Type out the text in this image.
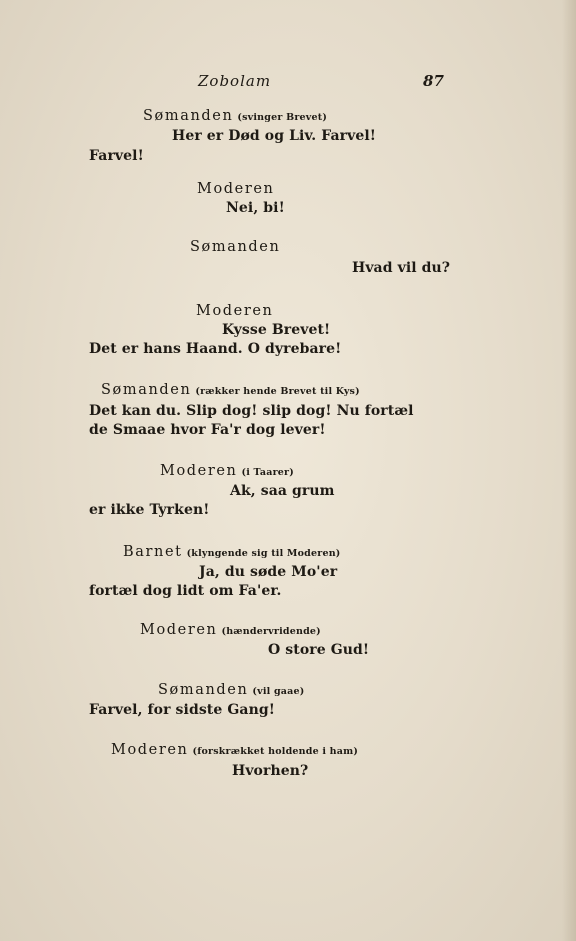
Zobolam	87
Sømanden (svinger Brevet)
Her er Død og Liv. Farvel!
Farvel!
Moderen
Nei, bi!
Sømanden
Hvad vil du?
Moderen
Kysse Brevet!
Det er hans Haand. O dyrebare!
Sømanden (rækker hende Brevet til Kys)
Det kan du. Slip dog! slip dog! Nu fortæl
de Smaae hvor Fa'r dog lever!
Moderen (i Taarer)
Ak, saa grum
er ikke Tyrken!
Barnet (klyngende sig til Moderen)
Ja, du søde Mo'er
fortæl dog lidt om Fa'er.
Moderen (hændervridende)
O store Gud!
Sømanden (vil gaae)
Farvel, for sidste Gang!
Moderen (forskrækket holdende i ham)
Hvorhen?
